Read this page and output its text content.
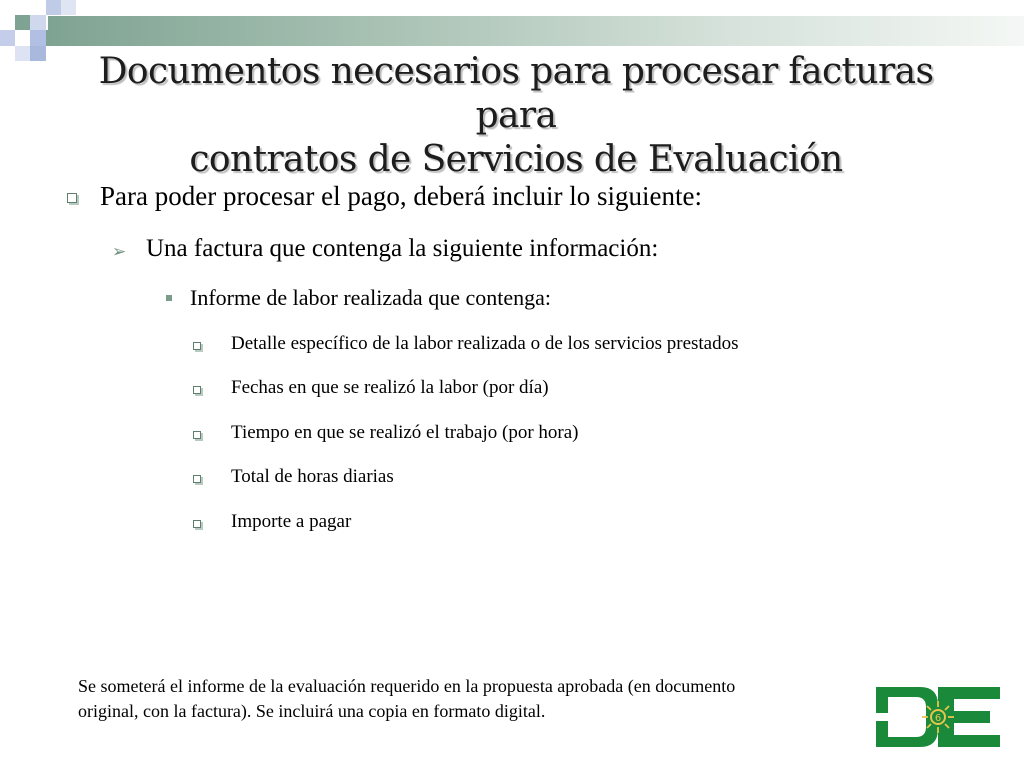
Documentos necesarios para procesar facturas para
contratos de Servicios de Evaluación
Para poder procesar el pago, deberá incluir lo siguiente:
➢ Una factura que contenga la siguiente información:
Informe de labor realizada que contenga:
Detalle específico de la labor realizada o de los servicios prestados
Fechas en que se realizó la labor (por día)
Tiempo en que se realizó el trabajo (por hora)
Total de horas diarias
Importe a pagar
Se someterá el informe de la evaluación requerido en la propuesta aprobada (en documento
original, con la factura). Se incluirá una copia en formato digital.	6
